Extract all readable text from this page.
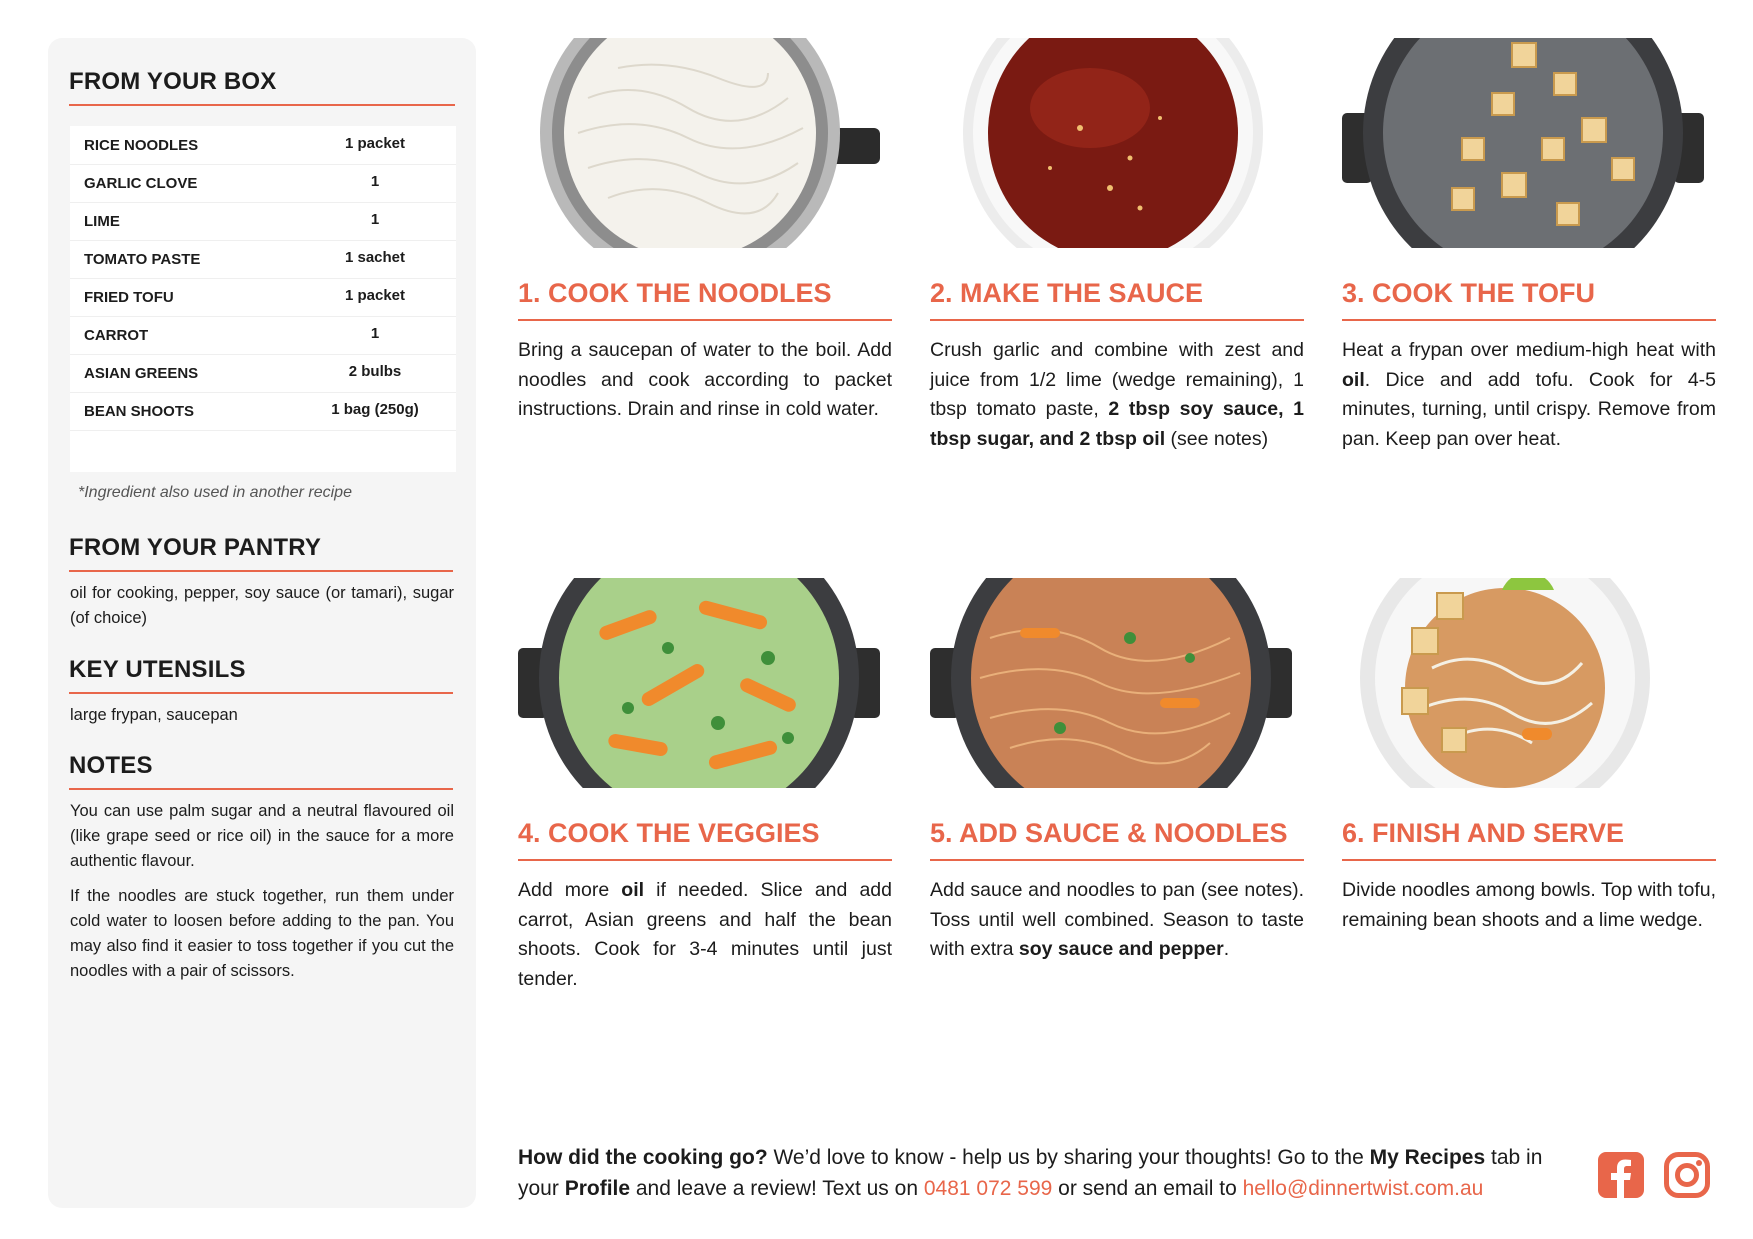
FROM YOUR BOX
RICE NOODLES	1 packet
GARLIC CLOVE	1
LIME	1
TOMATO PASTE	1 sachet
FRIED TOFU	1 packet
CARROT	1
ASIAN GREENS	2 bulbs
BEAN SHOOTS	1 bag (250g)
*Ingredient also used in another recipe
FROM YOUR PANTRY

oil for cooking, pepper, soy sauce (or tamari), sugar (of choice)

KEY UTENSILS

large frypan, saucepan

NOTES

You can use palm sugar and a neutral flavoured oil (like grape seed or rice oil) in the sauce for a more authentic flavour.

If the noodles are stuck together, run them under cold water to loosen before adding to the pan. You may also find it easier to toss together if you cut the noodles with a pair of scissors.

1. COOK THE NOODLES

Bring a saucepan of water to the boil. Add noodles and cook according to packet instructions. Drain and rinse in cold water.

2. MAKE THE SAUCE

Crush garlic and combine with zest and juice from 1/2 lime (wedge remaining), 1 tbsp tomato paste, 2 tbsp soy sauce, 1 tbsp sugar, and 2 tbsp oil (see notes)

3. COOK THE TOFU

Heat a frypan over medium-high heat with oil. Dice and add tofu. Cook for 4-5 minutes, turning, until crispy. Remove from pan. Keep pan over heat.

4. COOK THE VEGGIES

Add more oil if needed. Slice and add carrot, Asian greens and half the bean shoots. Cook for 3-4 minutes until just tender.

5. ADD SAUCE & NOODLES

Add sauce and noodles to pan (see notes). Toss until well combined. Season to taste with extra soy sauce and pepper.

6. FINISH AND SERVE

Divide noodles among bowls. Top with tofu, remaining bean shoots and a lime wedge.

How did the cooking go? We’d love to know - help us by sharing your thoughts! Go to the My Recipes tab in your Profile and leave a review! Text us on 0481 072 599 or send an email to hello@dinnertwist.com.au
